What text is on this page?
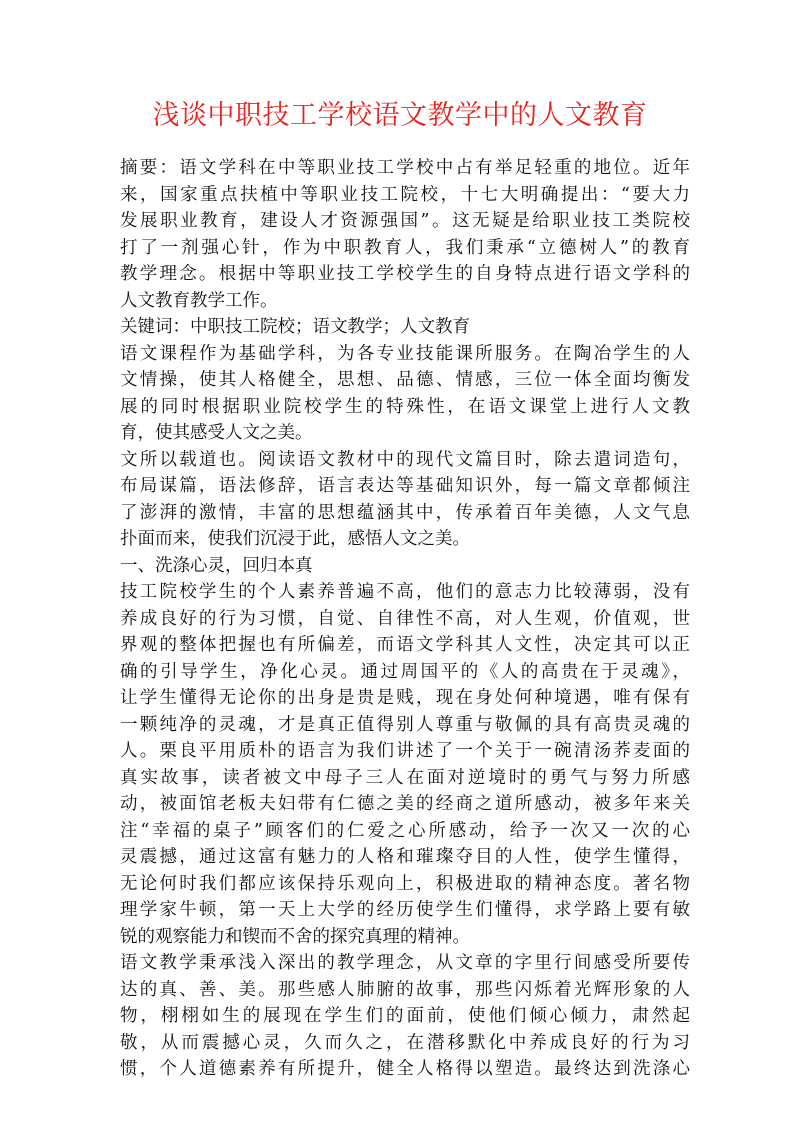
浅谈中职技工学校语文教学中的人文教育
摘要：语文学科在中等职业技工学校中占有举足轻重的地位。近年
来，国家重点扶植中等职业技工院校，十七大明确提出：“要大力
发展职业教育，建设人才资源强国”。这无疑是给职业技工类院校
打了一剂强心针，作为中职教育人，我们秉承“立德树人”的教育
教学理念。根据中等职业技工学校学生的自身特点进行语文学科的
人文教育教学工作。
关键词：中职技工院校；语文教学；人文教育
语文课程作为基础学科，为各专业技能课所服务。在陶冶学生的人
文情操，使其人格健全，思想、品德、情感，三位一体全面均衡发
展的同时根据职业院校学生的特殊性，在语文课堂上进行人文教
育，使其感受人文之美。
文所以载道也。阅读语文教材中的现代文篇目时，除去遣词造句，
布局谋篇，语法修辞，语言表达等基础知识外，每一篇文章都倾注
了澎湃的激情，丰富的思想蕴涵其中，传承着百年美德，人文气息
扑面而来，使我们沉浸于此，感悟人文之美。
一、洗涤心灵，回归本真
技工院校学生的个人素养普遍不高，他们的意志力比较薄弱，没有
养成良好的行为习惯，自觉、自律性不高，对人生观，价值观，世
界观的整体把握也有所偏差，而语文学科其人文性，决定其可以正
确的引导学生，净化心灵。通过周国平的《人的高贵在于灵魂》，
让学生懂得无论你的出身是贵是贱，现在身处何种境遇，唯有保有
一颗纯净的灵魂，才是真正值得别人尊重与敬佩的具有高贵灵魂的
人。栗良平用质朴的语言为我们讲述了一个关于一碗清汤荞麦面的
真实故事，读者被文中母子三人在面对逆境时的勇气与努力所感
动，被面馆老板夫妇带有仁德之美的经商之道所感动，被多年来关
注“幸福的桌子”顾客们的仁爱之心所感动，给予一次又一次的心
灵震撼，通过这富有魅力的人格和璀璨夺目的人性，使学生懂得，
无论何时我们都应该保持乐观向上，积极进取的精神态度。著名物
理学家牛顿，第一天上大学的经历使学生们懂得，求学路上要有敏
锐的观察能力和锲而不舍的探究真理的精神。
语文教学秉承浅入深出的教学理念，从文章的字里行间感受所要传
达的真、善、美。那些感人肺腑的故事，那些闪烁着光辉形象的人
物，栩栩如生的展现在学生们的面前，使他们倾心倾力，肃然起
敬，从而震撼心灵，久而久之，在潜移默化中养成良好的行为习
惯，个人道德素养有所提升，健全人格得以塑造。最终达到洗涤心
